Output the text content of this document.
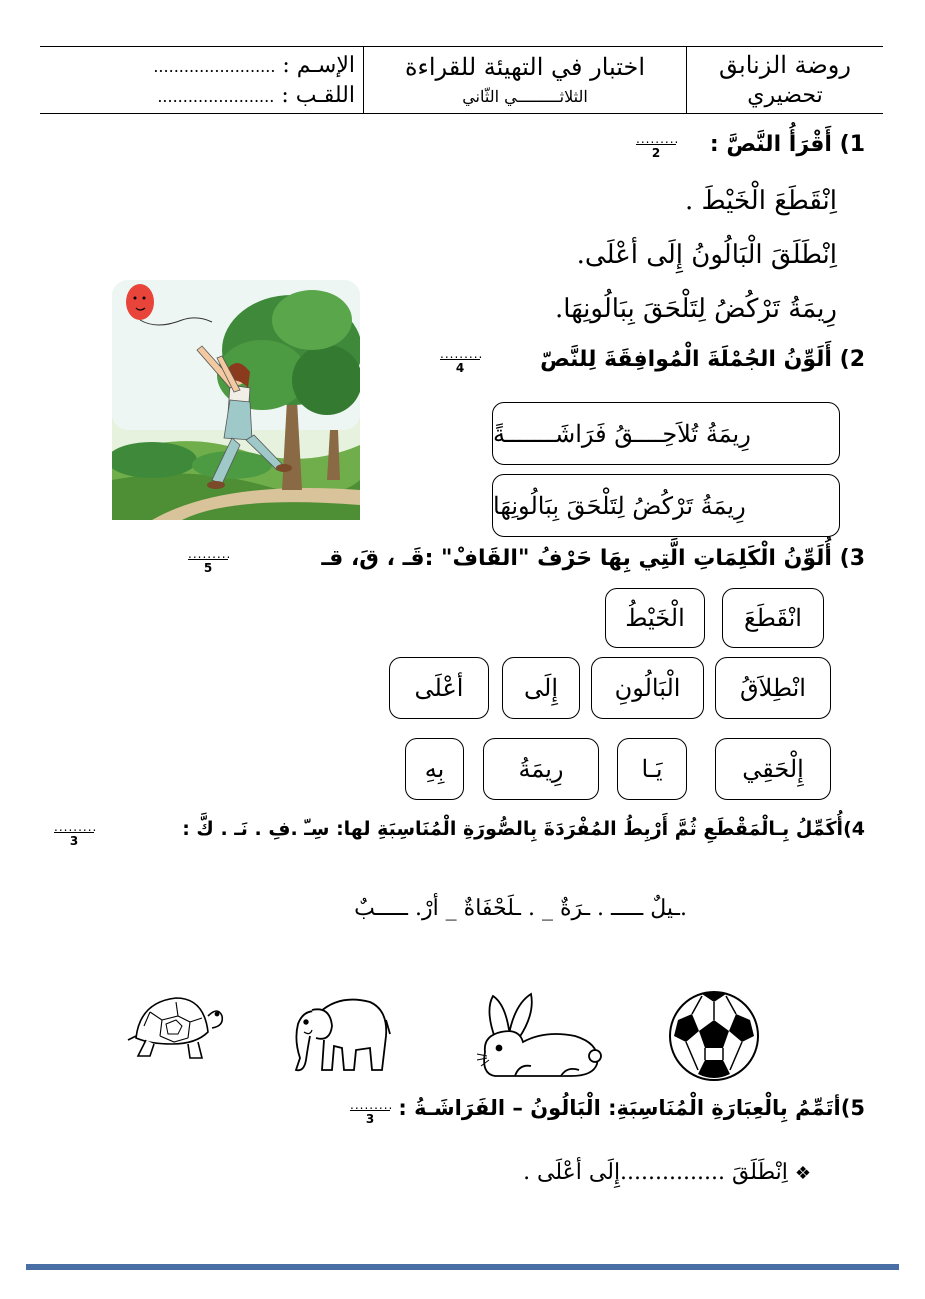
روضة الزنابق
تحضيري
اختبار في التهيئة للقراءة
الثلاثـــــــــي الثّاني
الإسـم : ........................
اللقـب : .......................
1) أَقْرَأُ النَّصَّ :
.........
2
اِنْقَطَعَ الْخَيْطَ .
اِنْطَلَقَ الْبَالُونُ إِلَى أعْلَى.
رِيمَةُ تَرْكُضُ لِتَلْحَقَ بِبَالُونِهَا.
2) أَلَوِّنُ الجُمْلَةَ الْمُوافِقَةَ لِلنَّصّ
.........
4
رِيمَةُ تُلاَحِــــقُ فَرَاشَـــــــةً
رِيمَةُ تَرْكُضُ لِتَلْحَقَ بِبَالُونِهَا
3) أُلَوِّنُ الْكَلِمَاتِ الَّتِي بِهَا حَرْفُ "القَافْ" :قَـ ، قَ، قـ
.........
5
انْقَطَعَ
الْخَيْطُ
انْطِلاَقُ
الْبَالُونِ
إِلَى
أعْلَى
إِلْحَقِي
يَـا
رِيمَةُ
بِهِ
4)أُكَمِّلُ بِـالْمَقْطَعِ ثُمَّ أَرْبِطُ المُفْرَدَةَ بِالصُّورَةِ الْمُنَاسِبَةِ لها: سِـّ .فِ . نَـ . كَّ :
.........
3
.ـيلٌ ـــــ . ـرَةٌ _ . ـلَحْفَاةٌ _ أرْ. ـــــبٌ
5)أتَمِّمُ بِالْعِبَارَةِ الْمُنَاسِبَةِ: الْبَالُونُ – الفَرَاشَـةُ :
.........
3
❖ اِنْطَلَقَ ...............إِلَى أعْلَى .
